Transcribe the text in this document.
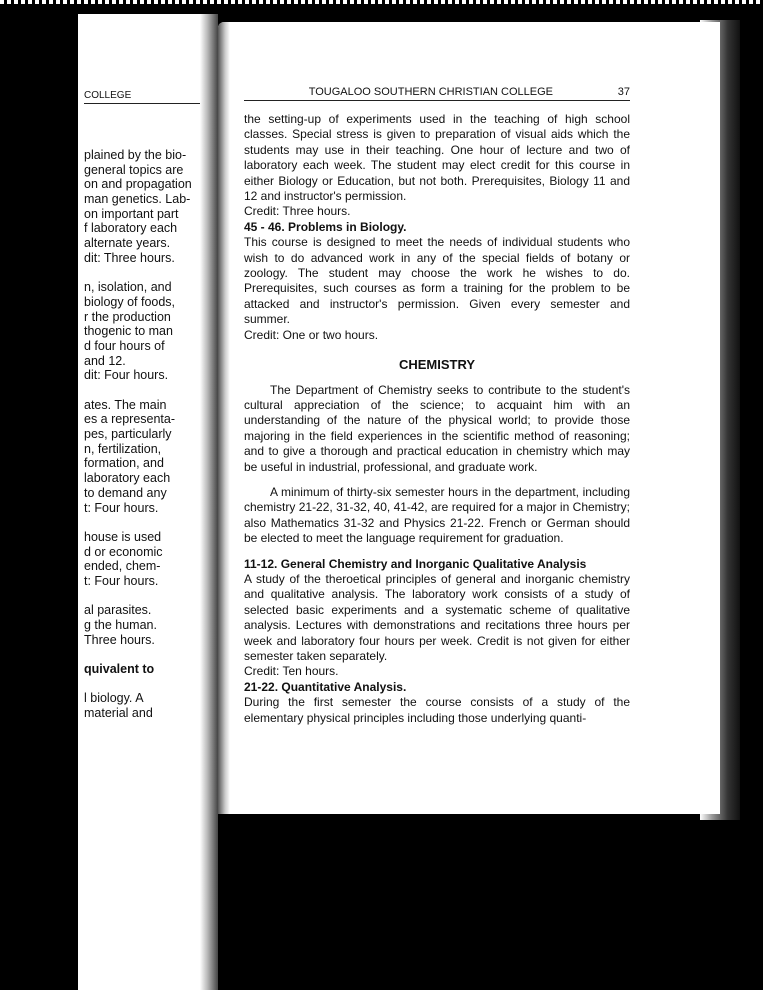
COLLEGE
plained by the bio-
general topics are
on and propagation
man genetics. Lab-
on important part
f laboratory each
alternate years.
dit: Three hours.
n, isolation, and
biology of foods,
r the production
thogenic to man
d four hours of
and 12.
dit: Four hours.
ates. The main
es a representa-
pes, particularly
n, fertilization,
formation, and
laboratory each
to demand any
t: Four hours.
house is used
d or economic
ended, chem-
t: Four hours.
al parasites.
g the human.
Three hours.
quivalent to
l biology. A
material and
TOUGALOO SOUTHERN CHRISTIAN COLLEGE	37

the setting-up of experiments used in the teaching of high school classes. Special stress is given to preparation of visual aids which the students may use in their teaching. One hour of lecture and two of laboratory each week. The student may elect credit for this course in either Biology or Education, but not both. Prerequisites, Biology 11 and 12 and instructor's permission.

Credit: Three hours.

45 - 46. Problems in Biology.

This course is designed to meet the needs of individual students who wish to do advanced work in any of the special fields of botany or zoology. The student may choose the work he wishes to do. Prerequisites, such courses as form a training for the problem to be attacked and instructor's permission. Given every semester and summer.

Credit: One or two hours.

CHEMISTRY

The Department of Chemistry seeks to contribute to the student's cultural appreciation of the science; to acquaint him with an understanding of the nature of the physical world; to provide those majoring in the field experiences in the scientific method of reasoning; and to give a thorough and practical education in chemistry which may be useful in industrial, professional, and graduate work.

A minimum of thirty-six semester hours in the department, including chemistry 21-22, 31-32, 40, 41-42, are required for a major in Chemistry; also Mathematics 31-32 and Physics 21-22. French or German should be elected to meet the language requirement for graduation.

11-12. General Chemistry and Inorganic Qualitative Analysis

A study of the theroetical principles of general and inorganic chemistry and qualitative analysis. The laboratory work consists of a study of selected basic experiments and a systematic scheme of qualitative analysis. Lectures with demonstrations and recitations three hours per week and laboratory four hours per week. Credit is not given for either semester taken separately.

Credit: Ten hours.

21-22. Quantitative Analysis.

During the first semester the course consists of a study of the elementary physical principles including those underlying quanti-
